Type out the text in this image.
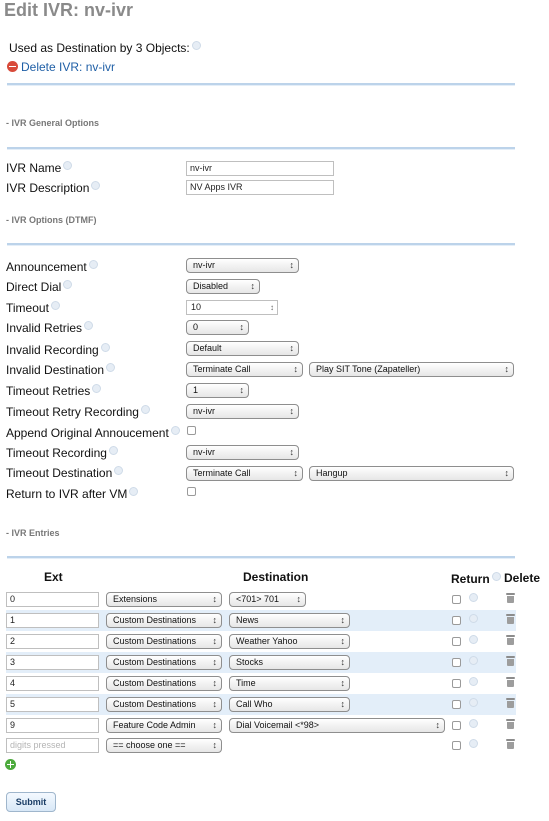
Edit IVR: nv-ivr
Used as Destination by 3 Objects:
Delete IVR: nv-ivr
- IVR General Options
IVR Name	nv-ivr
IVR Description	NV Apps IVR
- IVR Options (DTMF)
Announcement	nv-ivr ↕
Direct Dial	Disabled ↕
Timeout	10 ↕
Invalid Retries	0 ↕
Invalid Recording	Default ↕
Invalid Destination	Terminate Call ↕	Play SIT Tone (Zapateller) ↕
Timeout Retries	1 ↕
Timeout Retry Recording	nv-ivr ↕
Append Original Annoucement
Timeout Recording	nv-ivr ↕
Timeout Destination	Terminate Call ↕	Hangup ↕
Return to IVR after VM
- IVR Entries
Ext	Destination	Return	Delete
0	Extensions ↕	<701> 701 ↕
1	Custom Destinations ↕	News ↕
2	Custom Destinations ↕	Weather Yahoo ↕
3	Custom Destinations ↕	Stocks ↕
4	Custom Destinations ↕	Time ↕
5	Custom Destinations ↕	Call Who ↕
9	Feature Code Admin ↕	Dial Voicemail <*98> ↕
digits pressed	== choose one == ↕
Submit
